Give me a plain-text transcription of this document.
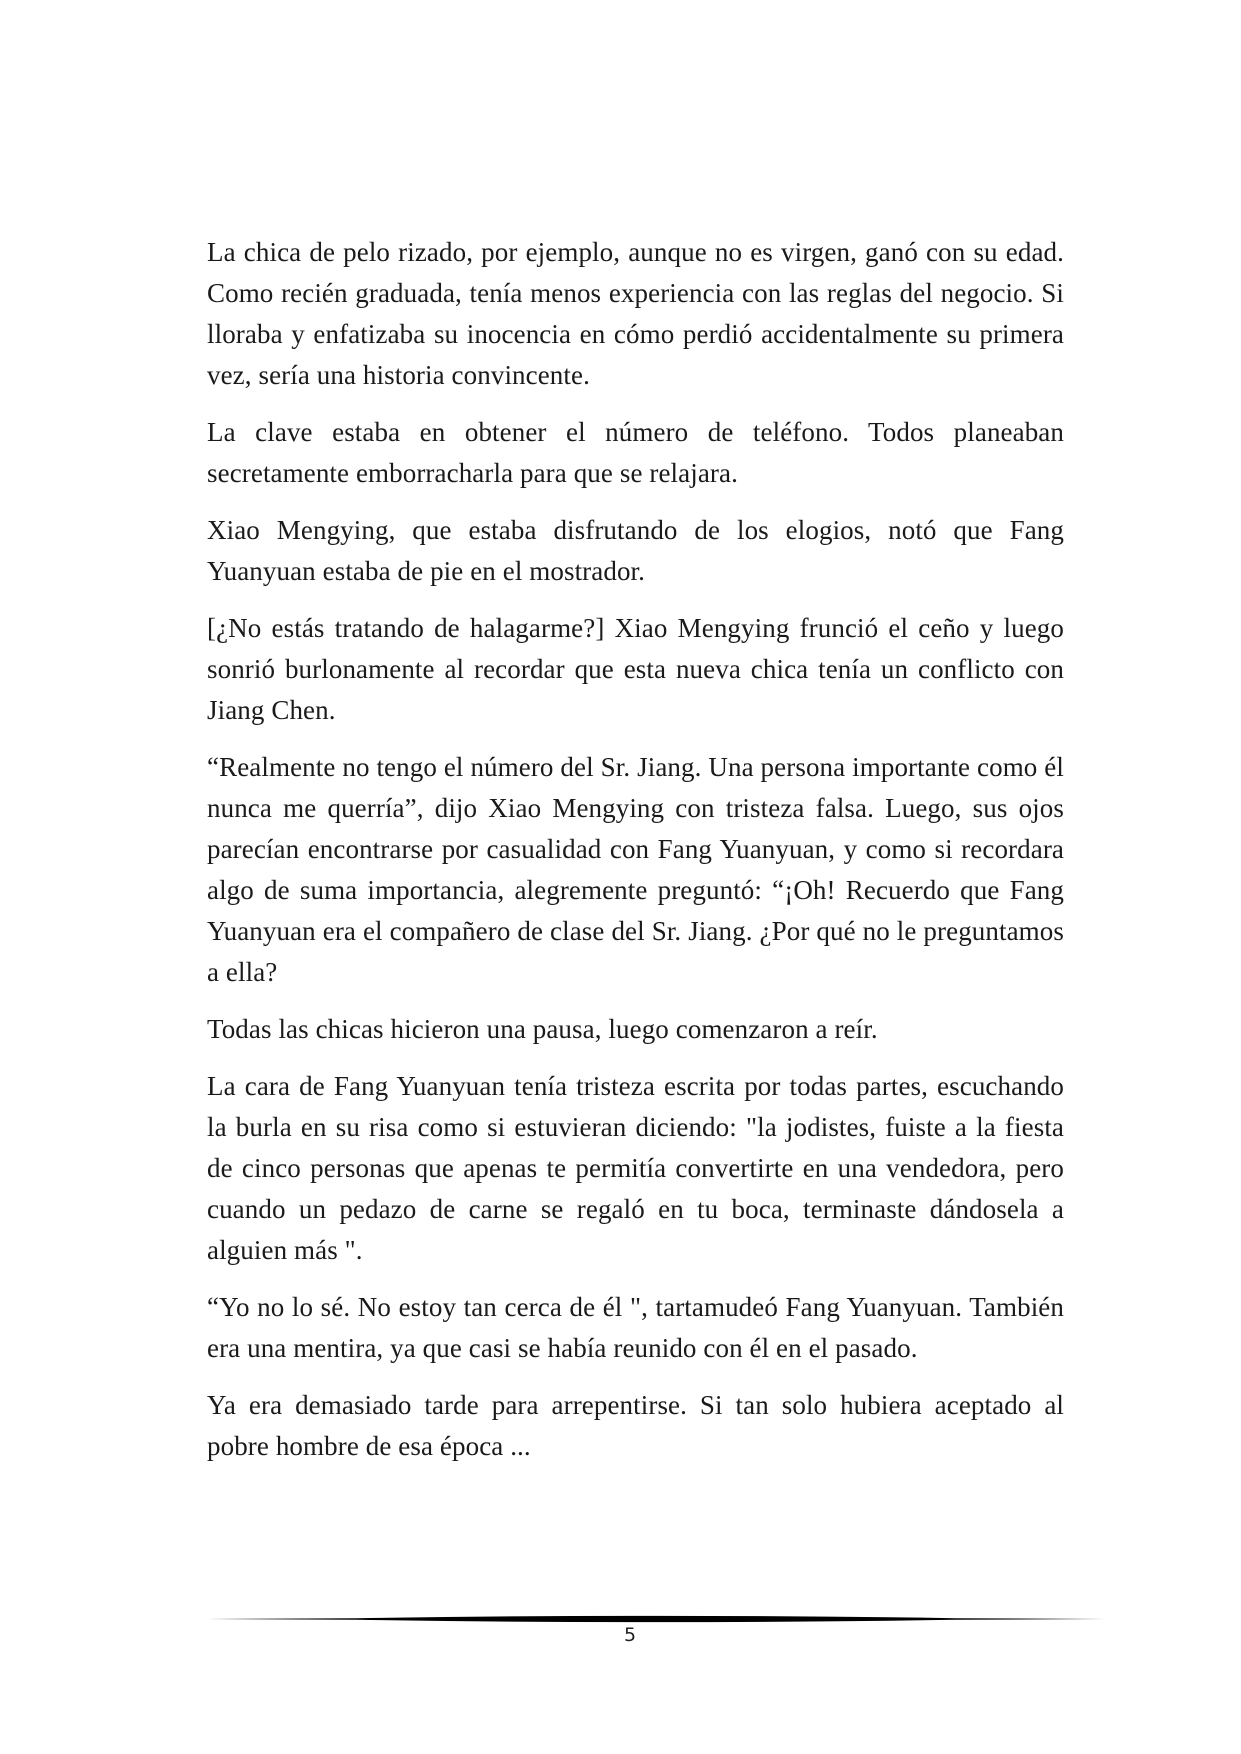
La chica de pelo rizado, por ejemplo, aunque no es virgen, ganó con su edad. Como recién graduada, tenía menos experiencia con las reglas del negocio. Si lloraba y enfatizaba su inocencia en cómo perdió accidentalmente su primera vez, sería una historia convincente.

La clave estaba en obtener el número de teléfono. Todos planeaban secretamente emborracharla para que se relajara.

Xiao Mengying, que estaba disfrutando de los elogios, notó que Fang Yuanyuan estaba de pie en el mostrador.

[¿No estás tratando de halagarme?] Xiao Mengying frunció el ceño y luego sonrió burlonamente al recordar que esta nueva chica tenía un conflicto con Jiang Chen.

“Realmente no tengo el número del Sr. Jiang. Una persona importante como él nunca me querría”, dijo Xiao Mengying con tristeza falsa. Luego, sus ojos parecían encontrarse por casualidad con Fang Yuanyuan, y como si recordara algo de suma importancia, alegremente preguntó: “¡Oh! Recuerdo que Fang Yuanyuan era el compañero de clase del Sr. Jiang. ¿Por qué no le preguntamos a ella?

Todas las chicas hicieron una pausa, luego comenzaron a reír.

La cara de Fang Yuanyuan tenía tristeza escrita por todas partes, escuchando la burla en su risa como si estuvieran diciendo: "la jodistes, fuiste a la fiesta de cinco personas que apenas te permitía convertirte en una vendedora, pero cuando un pedazo de carne se regaló en tu boca, terminaste dándosela a alguien más ".

“Yo no lo sé. No estoy tan cerca de él ", tartamudeó Fang Yuanyuan. También era una mentira, ya que casi se había reunido con él en el pasado.

Ya era demasiado tarde para arrepentirse. Si tan solo hubiera aceptado al pobre hombre de esa época ...

5
